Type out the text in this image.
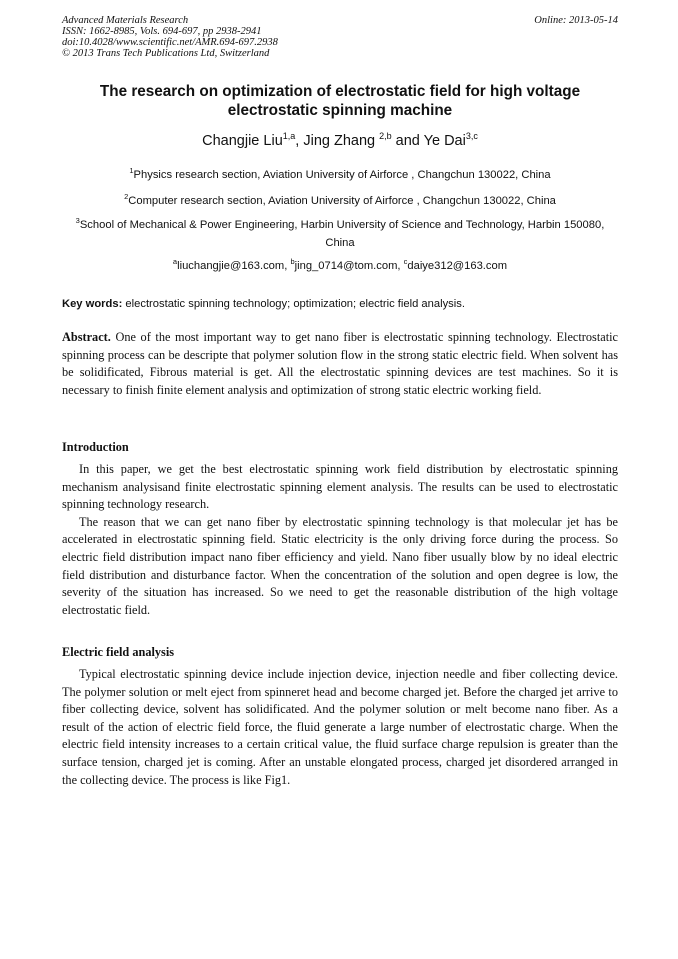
Advanced Materials Research	Online: 2013-05-14
ISSN: 1662-8985, Vols. 694-697, pp 2938-2941
doi:10.4028/www.scientific.net/AMR.694-697.2938
© 2013 Trans Tech Publications Ltd, Switzerland
The research on optimization of electrostatic field for high voltage
electrostatic spinning machine
Changjie Liu$^{1,a}$, Jing Zhang $^{2,b}$ and Ye Dai$^{3,c}$
$^1$Physics research section, Aviation University of Airforce , Changchun 130022, China
$^2$Computer research section, Aviation University of Airforce , Changchun 130022, China
$^3$School of Mechanical & Power Engineering, Harbin University of Science and Technology, Harbin 150080, China
$^a$liuchangjie@163.com, $^b$jing_0714@tom.com, $^c$daiye312@163.com
Key words: electrostatic spinning technology; optimization; electric field analysis.
Abstract. One of the most important way to get nano fiber is electrostatic spinning technology. Electrostatic spinning process can be descripte that polymer solution flow in the strong static electric field. When solvent has be solidificated, Fibrous material is get. All the electrostatic spinning devices are test machines. So it is necessary to finish finite element analysis and optimization of strong static electric working field.
Introduction

In this paper, we get the best electrostatic spinning work field distribution by electrostatic spinning mechanism analysisand finite electrostatic spinning element analysis. The results can be used to electrostatic spinning technology research.

The reason that we can get nano fiber by electrostatic spinning technology is that molecular jet has be accelerated in electrostatic spinning field. Static electricity is the only driving force during the process. So electric field distribution impact nano fiber efficiency and yield. Nano fiber usually blow by no ideal electric field distribution and disturbance factor. When the concentration of the solution and open degree is low, the severity of the situation has increased. So we need to get the reasonable distribution of the high voltage electrostatic field.

Electric field analysis

Typical electrostatic spinning device include injection device, injection needle and fiber collecting device. The polymer solution or melt eject from spinneret head and become charged jet. Before the charged jet arrive to fiber collecting device, solvent has solidificated. And the polymer solution or melt become nano fiber. As a result of the action of electric field force, the fluid generate a large number of electrostatic charge. When the electric field intensity increases to a certain critical value, the fluid surface charge repulsion is greater than the surface tension, charged jet is coming. After an unstable elongated process, charged jet disordered arranged in the collecting device. The process is like Fig1.
